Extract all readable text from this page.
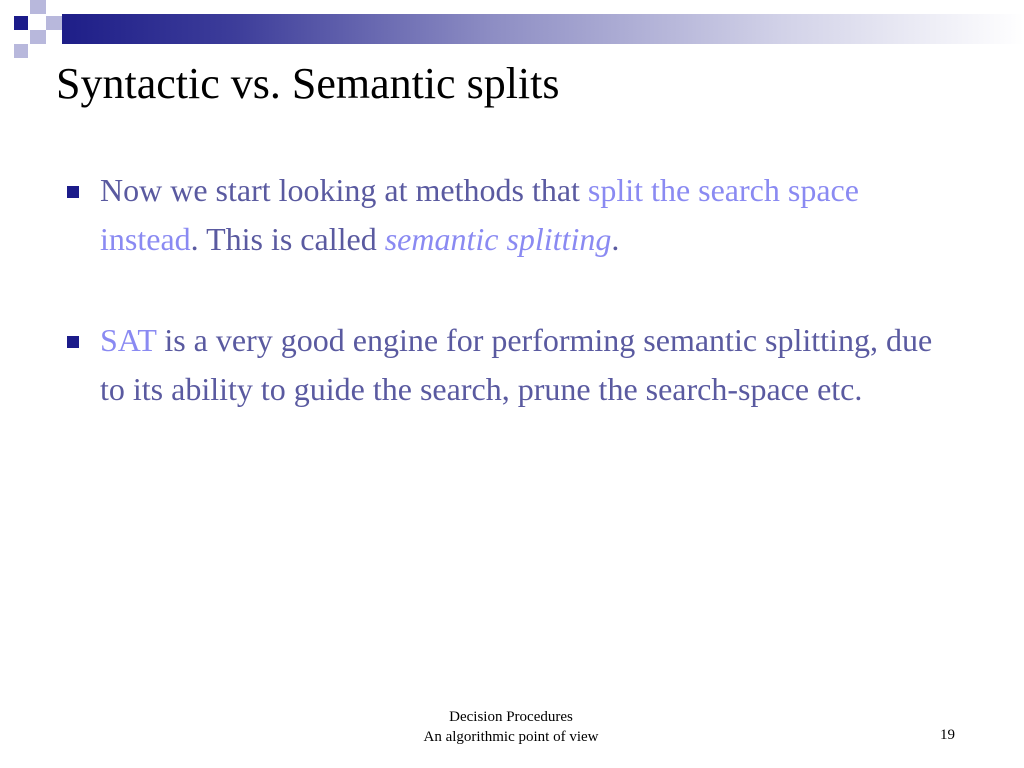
Syntactic vs. Semantic splits
Now we start looking at methods that split the search space instead. This is called semantic splitting.
SAT is a very good engine for performing semantic splitting, due to its ability to guide the search, prune the search-space etc.
Decision Procedures
An algorithmic point of view	19
